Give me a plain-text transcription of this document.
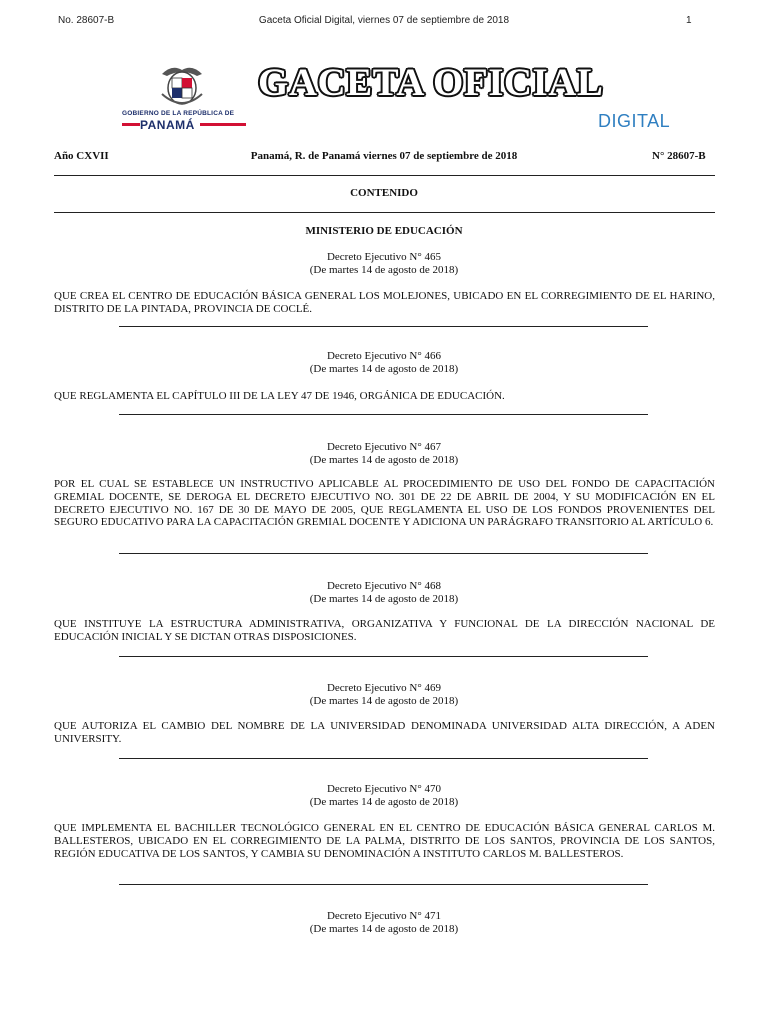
No. 28607-B	Gaceta Oficial Digital, viernes 07 de septiembre de 2018	1
GOBIERNO DE LA REPÚBLICA DE
PANAMÁ
GACETA OFICIAL
DIGITAL
Año CXVII	Panamá, R. de Panamá viernes 07 de septiembre de 2018	N° 28607-B
CONTENIDO
MINISTERIO DE EDUCACIÓN
Decreto Ejecutivo N° 465
(De martes 14 de agosto de 2018)
QUE CREA EL CENTRO DE EDUCACIÓN BÁSICA GENERAL LOS MOLEJONES, UBICADO EN EL CORREGIMIENTO DE EL HARINO, DISTRITO DE LA PINTADA, PROVINCIA DE COCLÉ.
Decreto Ejecutivo N° 466
(De martes 14 de agosto de 2018)
QUE REGLAMENTA EL CAPÍTULO III DE LA LEY 47 DE 1946, ORGÁNICA DE EDUCACIÓN.
Decreto Ejecutivo N° 467
(De martes 14 de agosto de 2018)
POR EL CUAL SE ESTABLECE UN INSTRUCTIVO APLICABLE AL PROCEDIMIENTO DE USO DEL FONDO DE CAPACITACIÓN GREMIAL DOCENTE, SE DEROGA EL DECRETO EJECUTIVO NO. 301 DE 22 DE ABRIL DE 2004, Y SU MODIFICACIÓN EN EL DECRETO EJECUTIVO NO. 167 DE 30 DE MAYO DE 2005, QUE REGLAMENTA EL USO DE LOS FONDOS PROVENIENTES DEL SEGURO EDUCATIVO PARA LA CAPACITACIÓN GREMIAL DOCENTE Y ADICIONA UN PARÁGRAFO TRANSITORIO AL ARTÍCULO 6.
Decreto Ejecutivo N° 468
(De martes 14 de agosto de 2018)
QUE INSTITUYE LA ESTRUCTURA ADMINISTRATIVA, ORGANIZATIVA Y FUNCIONAL DE LA DIRECCIÓN NACIONAL DE EDUCACIÓN INICIAL Y SE DICTAN OTRAS DISPOSICIONES.
Decreto Ejecutivo N° 469
(De martes 14 de agosto de 2018)
QUE AUTORIZA EL CAMBIO DEL NOMBRE DE LA UNIVERSIDAD DENOMINADA UNIVERSIDAD ALTA DIRECCIÓN, A ADEN UNIVERSITY.
Decreto Ejecutivo N° 470
(De martes 14 de agosto de 2018)
QUE IMPLEMENTA EL BACHILLER TECNOLÓGICO GENERAL EN EL CENTRO DE EDUCACIÓN BÁSICA GENERAL CARLOS M. BALLESTEROS, UBICADO EN EL CORREGIMIENTO DE LA PALMA, DISTRITO DE LOS SANTOS, PROVINCIA DE LOS SANTOS, REGIÓN EDUCATIVA DE LOS SANTOS, Y CAMBIA SU DENOMINACIÓN A INSTITUTO CARLOS M. BALLESTEROS.
Decreto Ejecutivo N° 471
(De martes 14 de agosto de 2018)
